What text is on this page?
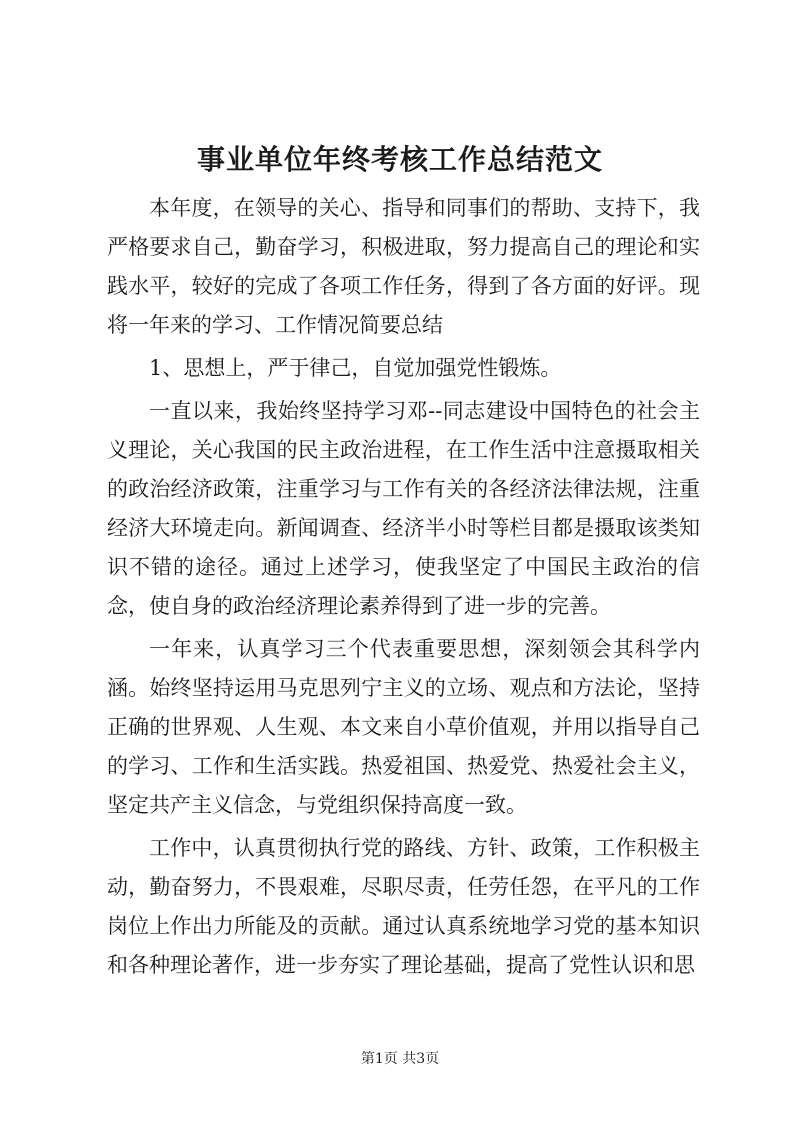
事业单位年终考核工作总结范文

本年度，在领导的关心、指导和同事们的帮助、支持下，我严格要求自己，勤奋学习，积极进取，努力提高自己的理论和实践水平，较好的完成了各项工作任务，得到了各方面的好评。现将一年来的学习、工作情况简要总结

1、思想上，严于律己，自觉加强党性锻炼。

一直以来，我始终坚持学习邓--同志建设中国特色的社会主义理论，关心我国的民主政治进程，在工作生活中注意摄取相关的政治经济政策，注重学习与工作有关的各经济法律法规，注重经济大环境走向。新闻调查、经济半小时等栏目都是摄取该类知识不错的途径。通过上述学习，使我坚定了中国民主政治的信念，使自身的政治经济理论素养得到了进一步的完善。

一年来，认真学习三个代表重要思想，深刻领会其科学内涵。始终坚持运用马克思列宁主义的立场、观点和方法论，坚持正确的世界观、人生观、本文来自小草价值观，并用以指导自己的学习、工作和生活实践。热爱祖国、热爱党、热爱社会主义，坚定共产主义信念，与党组织保持高度一致。

工作中，认真贯彻执行党的路线、方针、政策，工作积极主动，勤奋努力，不畏艰难，尽职尽责，任劳任怨，在平凡的工作岗位上作出力所能及的贡献。通过认真系统地学习党的基本知识和各种理论著作，进一步夯实了理论基础，提高了党性认识和思

第1页 共3页
